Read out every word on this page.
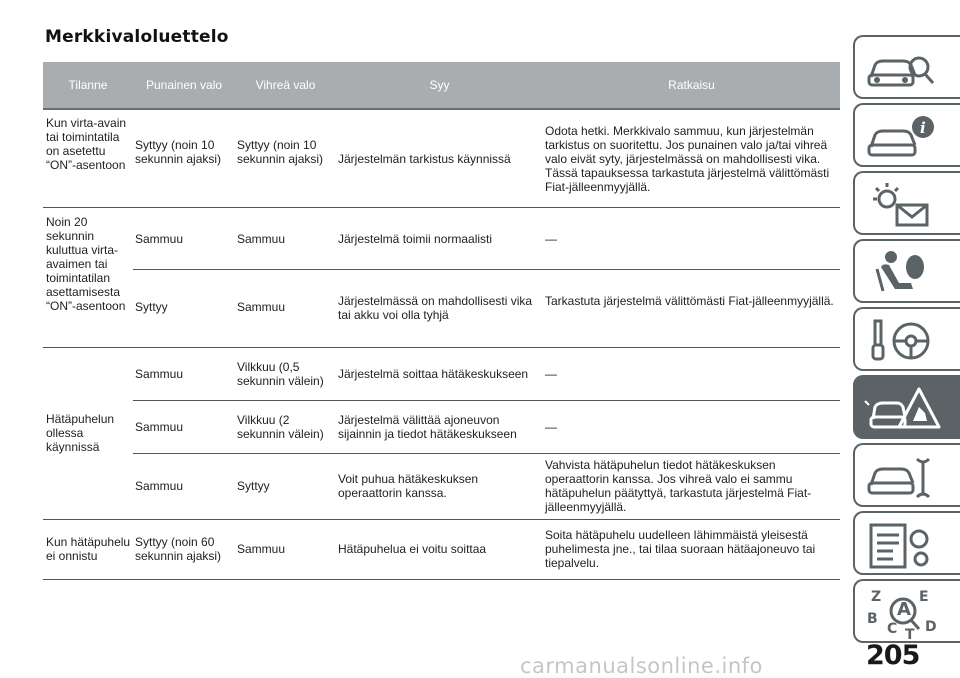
Merkkivaloluettelo
Tilanne	Punainen valo	Vihreä valo	Syy	Ratkaisu
Kun virta-avain tai toimintatila on asetettu “ON”-asentoon	Syttyy (noin 10 sekunnin ajaksi)	Syttyy (noin 10 sekunnin ajaksi)	Järjestelmän tarkistus käynnissä	Odota hetki. Merkkivalo sammuu, kun järjestelmän tarkistus on suoritettu. Jos punainen valo ja/tai vihreä valo eivät syty, järjestelmässä on mahdollisesti vika. Tässä tapauksessa tarkastuta järjestelmä välittömästi Fiat-jälleenmyyjällä.
Noin 20 sekunnin kuluttua virta-avaimen tai toimintatilan asettamisesta “ON”-asentoon	Sammuu	Sammuu	Järjestelmä toimii normaalisti	—
	Syttyy	Sammuu	Järjestelmässä on mahdollisesti vika tai akku voi olla tyhjä	Tarkastuta järjestelmä välittömästi Fiat-jälleenmyyjällä.
Hätäpuhelun ollessa käynnissä	Sammuu	Vilkkuu (0,5 sekunnin välein)	Järjestelmä soittaa hätäkeskukseen	—
	Sammuu	Vilkkuu (2 sekunnin välein)	Järjestelmä välittää ajoneuvon sijainnin ja tiedot hätäkeskukseen	—
	Sammuu	Syttyy	Voit puhua hätäkeskuksen operaattorin kanssa.	Vahvista hätäpuhelun tiedot hätäkeskuksen operaattorin kanssa. Jos vihreä valo ei sammu hätäpuhelun päätyttyä, tarkastuta järjestelmä Fiat-jälleenmyyjällä.
Kun hätäpuhelu ei onnistu	Syttyy (noin 60 sekunnin ajaksi)	Sammuu	Hätäpuhelua ei voitu soittaa	Soita hätäpuhelu uudelleen lähimmäistä yleisestä puhelimesta jne., tai tilaa suoraan hätäajoneuvo tai tiepalvelu.
i
Z	E
A
B
C T D
205
carmanualsonline.info
